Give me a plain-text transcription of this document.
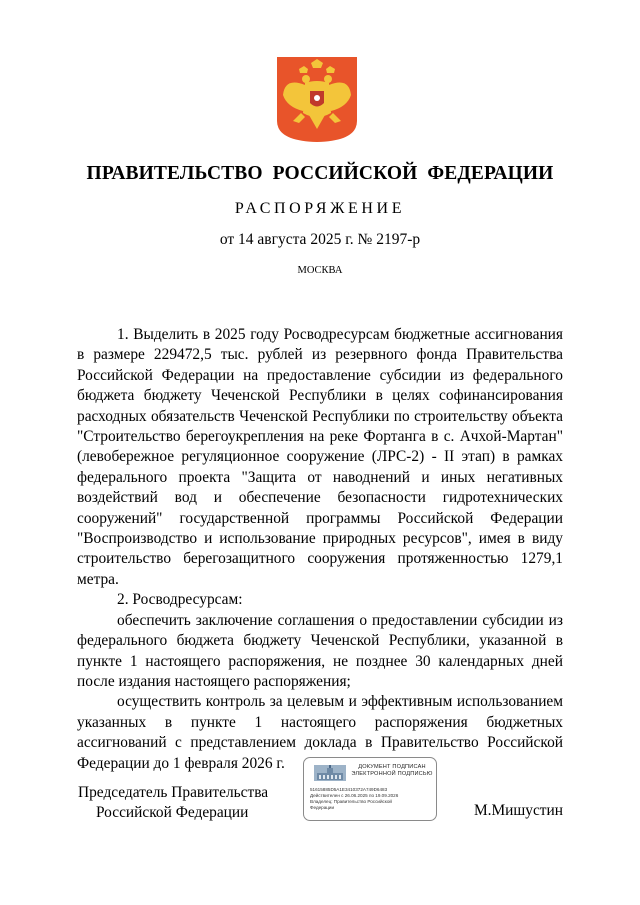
ПРАВИТЕЛЬСТВО РОССИЙСКОЙ ФЕДЕРАЦИИ
РАСПОРЯЖЕНИЕ
от 14 августа 2025 г. № 2197-р
МОСКВА

1. Выделить в 2025 году Росводресурсам бюджетные ассигнования в размере 229472,5 тыс. рублей из резервного фонда Правительства Российской Федерации на предоставление субсидии из федерального бюджета бюджету Чеченской Республики в целях софинансирования расходных обязательств Чеченской Республики по строительству объекта "Строительство берегоукрепления на реке Фортанга в с. Ачхой-Мартан" (левобережное регуляционное сооружение (ЛРС-2) - II этап) в рамках федерального проекта "Защита от наводнений и иных негативных воздействий вод и обеспечение безопасности гидротехнических сооружений" государственной программы Российской Федерации "Воспроизводство и использование природных ресурсов", имея в виду строительство берегозащитного сооружения протяженностью 1279,1 метра.

2. Росводресурсам:

обеспечить заключение соглашения о предоставлении субсидии из федерального бюджета бюджету Чеченской Республики, указанной в пункте 1 настоящего распоряжения, не позднее 30 календарных дней после издания настоящего распоряжения;

осуществить контроль за целевым и эффективным использованием указанных в пункте 1 настоящего распоряжения бюджетных ассигнований с представлением доклада в Правительство Российской Федерации до 1 февраля 2026 г.

Председатель Правительства
Российской Федерации
ДОКУМЕНТ ПОДПИСАН
ЭЛЕКТРОННОЙ ПОДПИСЬЮ
51615885D5A1E3410372A749D6483
Действителен с 26.06.2025 по 19.09.2026
Владелец: Правительство Российской
Федерации	М.Мишустин
